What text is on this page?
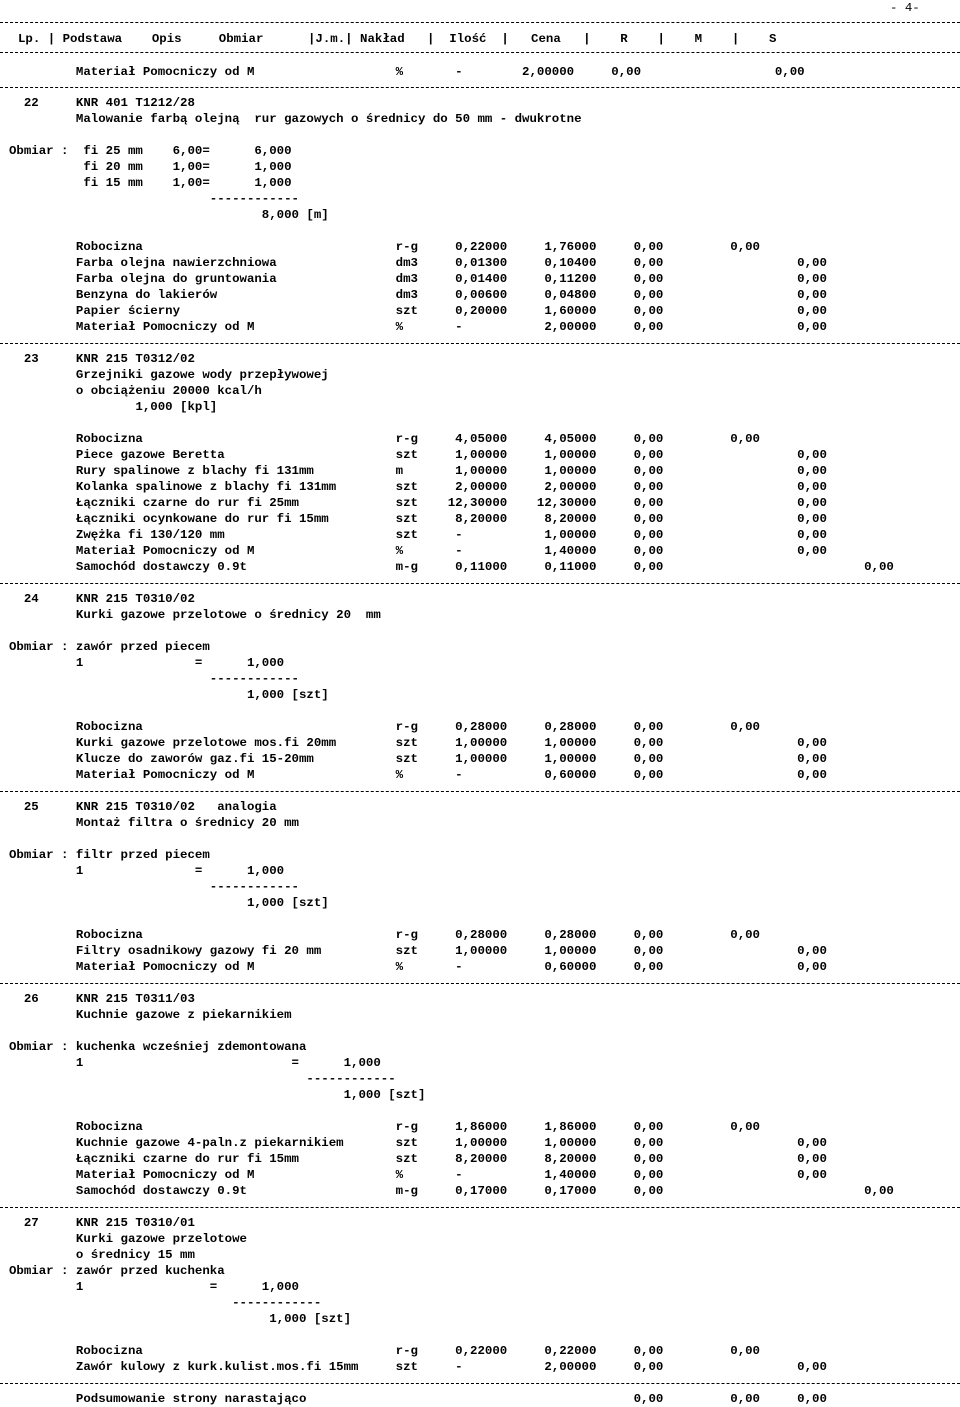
- 4-
Lp. | Podstawa    Opis     Obmiar      |J.m.| Nakład   |  Ilość  |   Cena   |    R    |    M    |    S
Materiał Pomocniczy od M                   %       -        2,00000     0,00                  0,00
22     KNR 401 T1212/28
Malowanie farbą olejną  rur gazowych o średnicy do 50 mm - dwukrotne
Obmiar :  fi 25 mm    6,00=      6,000
fi 20 mm    1,00=      1,000
fi 15 mm    1,00=      1,000
------------
8,000 [m]
Robocizna                                  r-g     0,22000     1,76000     0,00         0,00
Farba olejna nawierzchniowa                dm3     0,01300     0,10400     0,00                  0,00
Farba olejna do gruntowania                dm3     0,01400     0,11200     0,00                  0,00
Benzyna do lakierów                        dm3     0,00600     0,04800     0,00                  0,00
Papier ścierny                             szt     0,20000     1,60000     0,00                  0,00
Materiał Pomocniczy od M                   %       -           2,00000     0,00                  0,00
23     KNR 215 T0312/02
Grzejniki gazowe wody przepływowej
o obciążeniu 20000 kcal/h
1,000 [kpl]
Robocizna                                  r-g     4,05000     4,05000     0,00         0,00
Piece gazowe Beretta                       szt     1,00000     1,00000     0,00                  0,00
Rury spalinowe z blachy fi 131mm           m       1,00000     1,00000     0,00                  0,00
Kolanka spalinowe z blachy fi 131mm        szt     2,00000     2,00000     0,00                  0,00
Łączniki czarne do rur fi 25mm             szt    12,30000    12,30000     0,00                  0,00
Łączniki ocynkowane do rur fi 15mm         szt     8,20000     8,20000     0,00                  0,00
Zwężka fi 130/120 mm                       szt     -           1,00000     0,00                  0,00
Materiał Pomocniczy od M                   %       -           1,40000     0,00                  0,00
Samochód dostawczy 0.9t                    m-g     0,11000     0,11000     0,00                           0,00
24     KNR 215 T0310/02
Kurki gazowe przelotowe o średnicy 20  mm
Obmiar : zawór przed piecem
1               =      1,000
------------
1,000 [szt]
Robocizna                                  r-g     0,28000     0,28000     0,00         0,00
Kurki gazowe przelotowe mos.fi 20mm        szt     1,00000     1,00000     0,00                  0,00
Klucze do zaworów gaz.fi 15-20mm           szt     1,00000     1,00000     0,00                  0,00
Materiał Pomocniczy od M                   %       -           0,60000     0,00                  0,00
25     KNR 215 T0310/02   analogia
Montaż filtra o średnicy 20 mm
Obmiar : filtr przed piecem
1               =      1,000
------------
1,000 [szt]
Robocizna                                  r-g     0,28000     0,28000     0,00         0,00
Filtry osadnikowy gazowy fi 20 mm          szt     1,00000     1,00000     0,00                  0,00
Materiał Pomocniczy od M                   %       -           0,60000     0,00                  0,00
26     KNR 215 T0311/03
Kuchnie gazowe z piekarnikiem
Obmiar : kuchenka wcześniej zdemontowana
1                            =      1,000
------------
1,000 [szt]
Robocizna                                  r-g     1,86000     1,86000     0,00         0,00
Kuchnie gazowe 4-paln.z piekarnikiem       szt     1,00000     1,00000     0,00                  0,00
Łączniki czarne do rur fi 15mm             szt     8,20000     8,20000     0,00                  0,00
Materiał Pomocniczy od M                   %       -           1,40000     0,00                  0,00
Samochód dostawczy 0.9t                    m-g     0,17000     0,17000     0,00                           0,00
27     KNR 215 T0310/01
Kurki gazowe przelotowe
o średnicy 15 mm
Obmiar : zawór przed kuchenka
1                 =      1,000
------------
1,000 [szt]
Robocizna                                  r-g     0,22000     0,22000     0,00         0,00
Zawór kulowy z kurk.kulist.mos.fi 15mm     szt     -           2,00000     0,00                  0,00
Podsumowanie strony narastająco                                            0,00         0,00     0,00
